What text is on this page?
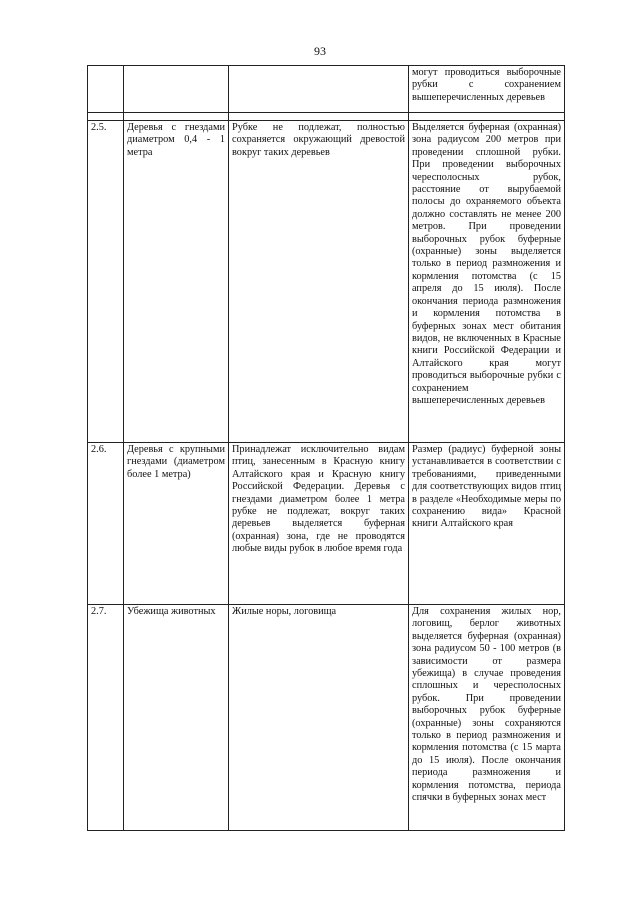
93
			могут проводиться выборочные рубки с сохранением вышеперечисленных деревьев

2.5.	Деревья с гнездами диаметром 0,4 - 1 метра	Рубке не подлежат, полностью сохраняется окружающий древостой вокруг таких деревьев	Выделяется буферная (охранная) зона радиусом 200 метров при проведении сплошной рубки. При проведении выборочных чересполосных рубок, расстояние от вырубаемой полосы до охраняемого объекта должно составлять не менее 200 метров. При проведении выборочных рубок буферные (охранные) зоны выделяется только в период размножения и кормления потомства (с 15 апреля до 15 июля). После окончания периода размножения и кормления потомства в буферных зонах мест обитания видов, не включенных в Красные книги Российской Федерации и Алтайского края могут проводиться выборочные рубки с сохранением вышеперечисленных деревьев
2.6.	Деревья с крупными гнездами (диаметром более 1 метра)	Принадлежат исключительно видам птиц, занесенным в Красную книгу Алтайского края и Красную книгу Российской Федерации. Деревья с гнездами диаметром более 1 метра рубке не подлежат, вокруг таких деревьев выделяется буферная (охранная) зона, где не проводятся любые виды рубок в любое время года	Размер (радиус) буферной зоны устанавливается в соответствии с требованиями, приведенными для соответствующих видов птиц в разделе «Необходимые меры по сохранению вида» Красной книги Алтайского края
2.7.	Убежища животных	Жилые норы, логовища	Для сохранения жилых нор, логовищ, берлог животных выделяется буферная (охранная) зона радиусом 50 - 100 метров (в зависимости от размера убежища) в случае проведения сплошных и чересполосных рубок. При проведении выборочных рубок буферные (охранные) зоны сохраняются только в период размножения и кормления потомства (с 15 марта до 15 июля). После окончания периода размножения и кормления потомства, периода спячки в буферных зонах мест
